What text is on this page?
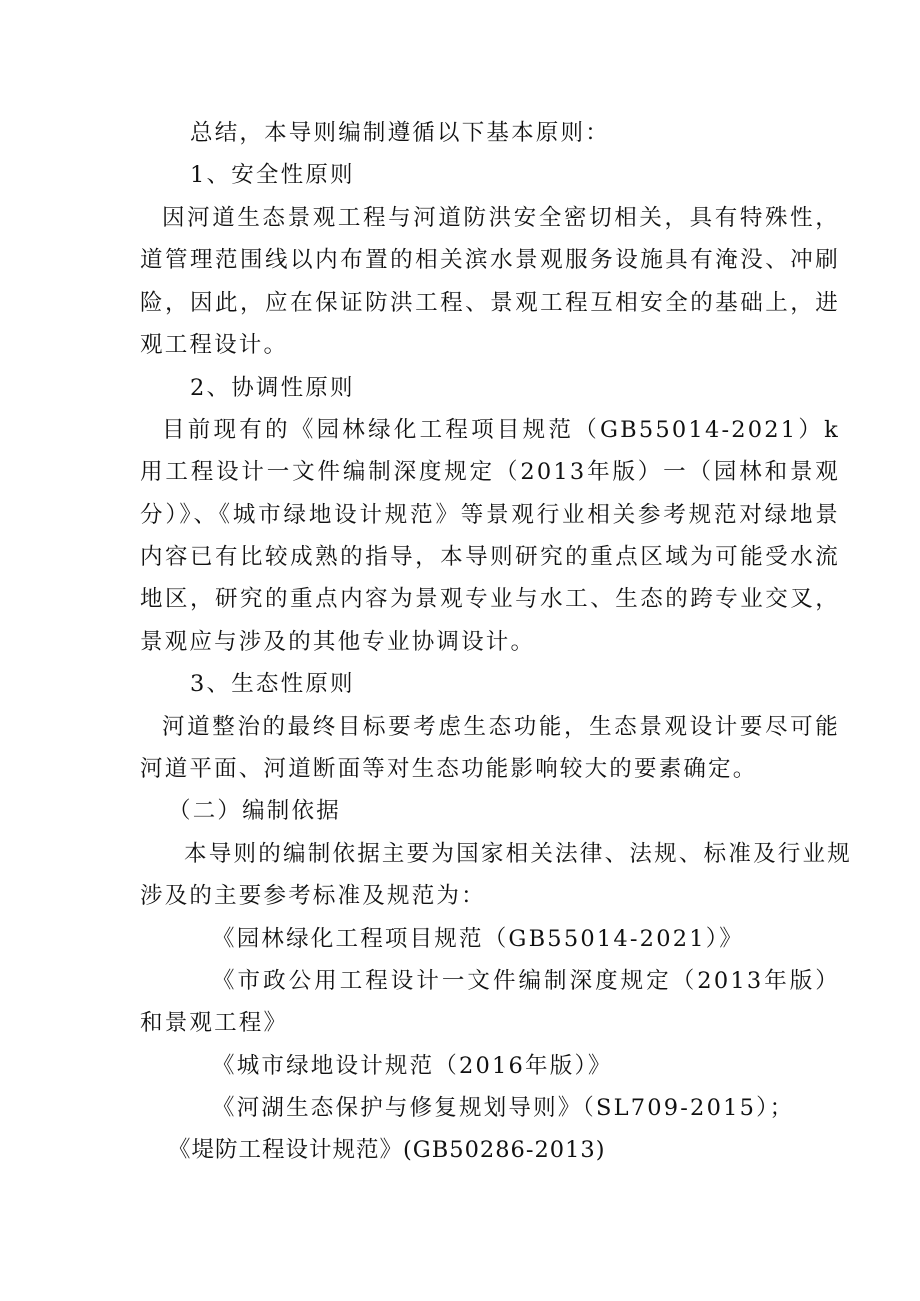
总结，本导则编制遵循以下基本原则：
1、安全性原则
因河道生态景观工程与河道防洪安全密切相关，具有特殊性，
道管理范围线以内布置的相关滨水景观服务设施具有淹没、冲刷
险，因此，应在保证防洪工程、景观工程互相安全的基础上，进
观工程设计。
2、协调性原则
目前现有的《园林绿化工程项目规范（GB55014-2021）k
用工程设计一文件编制深度规定（2013年版）一（园林和景观
分）》、《城市绿地设计规范》等景观行业相关参考规范对绿地景
内容已有比较成熟的指导，本导则研究的重点区域为可能受水流
地区，研究的重点内容为景观专业与水工、生态的跨专业交叉，
景观应与涉及的其他专业协调设计。
3、生态性原则
河道整治的最终目标要考虑生态功能，生态景观设计要尽可能
河道平面、河道断面等对生态功能影响较大的要素确定。
（二）编制依据
本导则的编制依据主要为国家相关法律、法规、标准及行业规
涉及的主要参考标准及规范为：
《园林绿化工程项目规范（GB55014-2021）》
《市政公用工程设计一文件编制深度规定（2013年版）
和景观工程》
《城市绿地设计规范（2016年版）》
《河湖生态保护与修复规划导则》（SL709-2015）；
《堤防工程设计规范》(GB50286-2013)
